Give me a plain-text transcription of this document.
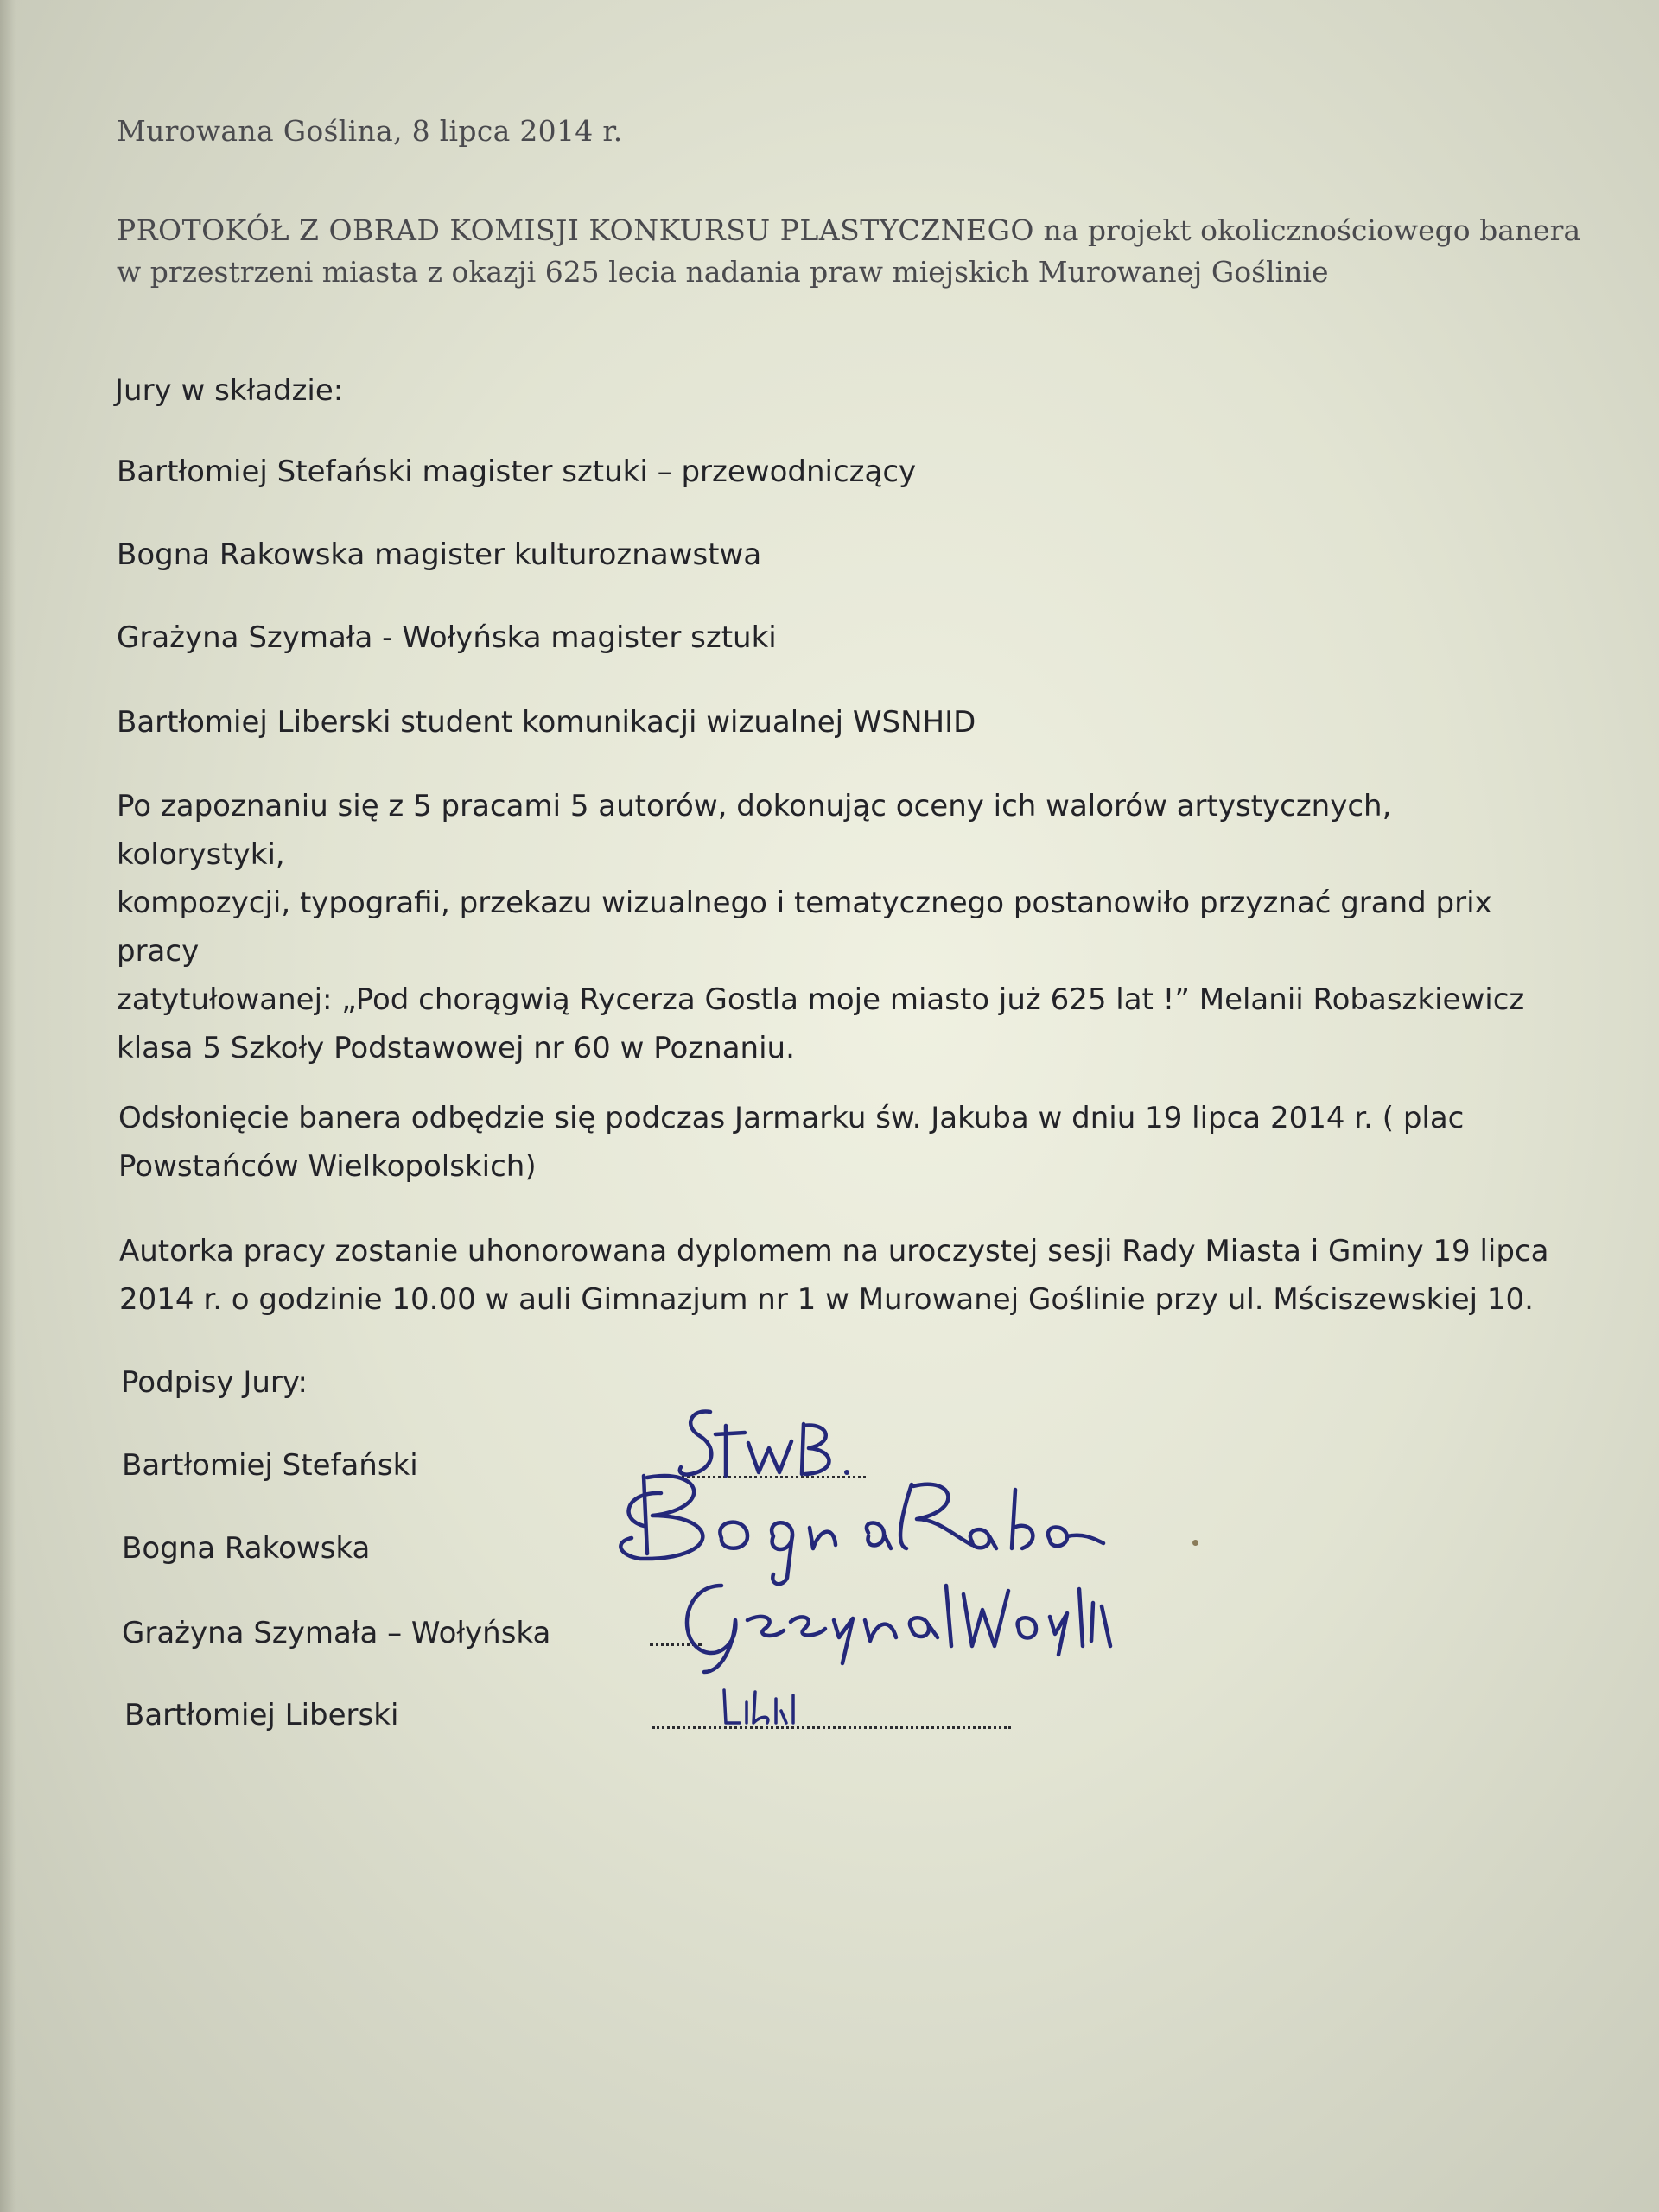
Murowana Goślina, 8 lipca 2014 r.
PROTOKÓŁ Z OBRAD KOMISJI KONKURSU PLASTYCZNEGO na projekt okolicznościowego banera
w przestrzeni miasta z okazji 625 lecia nadania praw miejskich Murowanej Goślinie
Jury w składzie:
Bartłomiej Stefański magister sztuki – przewodniczący
Bogna Rakowska magister kulturoznawstwa
Grażyna Szymała - Wołyńska magister sztuki
Bartłomiej Liberski student komunikacji wizualnej WSNHID
Po zapoznaniu się z 5 pracami 5 autorów, dokonując oceny ich walorów artystycznych, kolorystyki,
kompozycji, typografii, przekazu wizualnego i tematycznego postanowiło przyznać grand prix pracy
zatytułowanej: „Pod chorągwią Rycerza Gostla moje miasto już 625 lat !” Melanii Robaszkiewicz
klasa 5 Szkoły Podstawowej nr 60 w Poznaniu.
Odsłonięcie banera odbędzie się podczas Jarmarku św. Jakuba w dniu 19 lipca 2014 r. ( plac
Powstańców Wielkopolskich)
Autorka pracy zostanie uhonorowana dyplomem na uroczystej sesji Rady Miasta i Gminy 19 lipca
2014 r. o godzinie 10.00 w auli Gimnazjum nr 1 w Murowanej Goślinie przy ul. Mściszewskiej 10.
Podpisy Jury:
Bartłomiej Stefański
Bogna Rakowska
Grażyna Szymała – Wołyńska
Bartłomiej Liberski
